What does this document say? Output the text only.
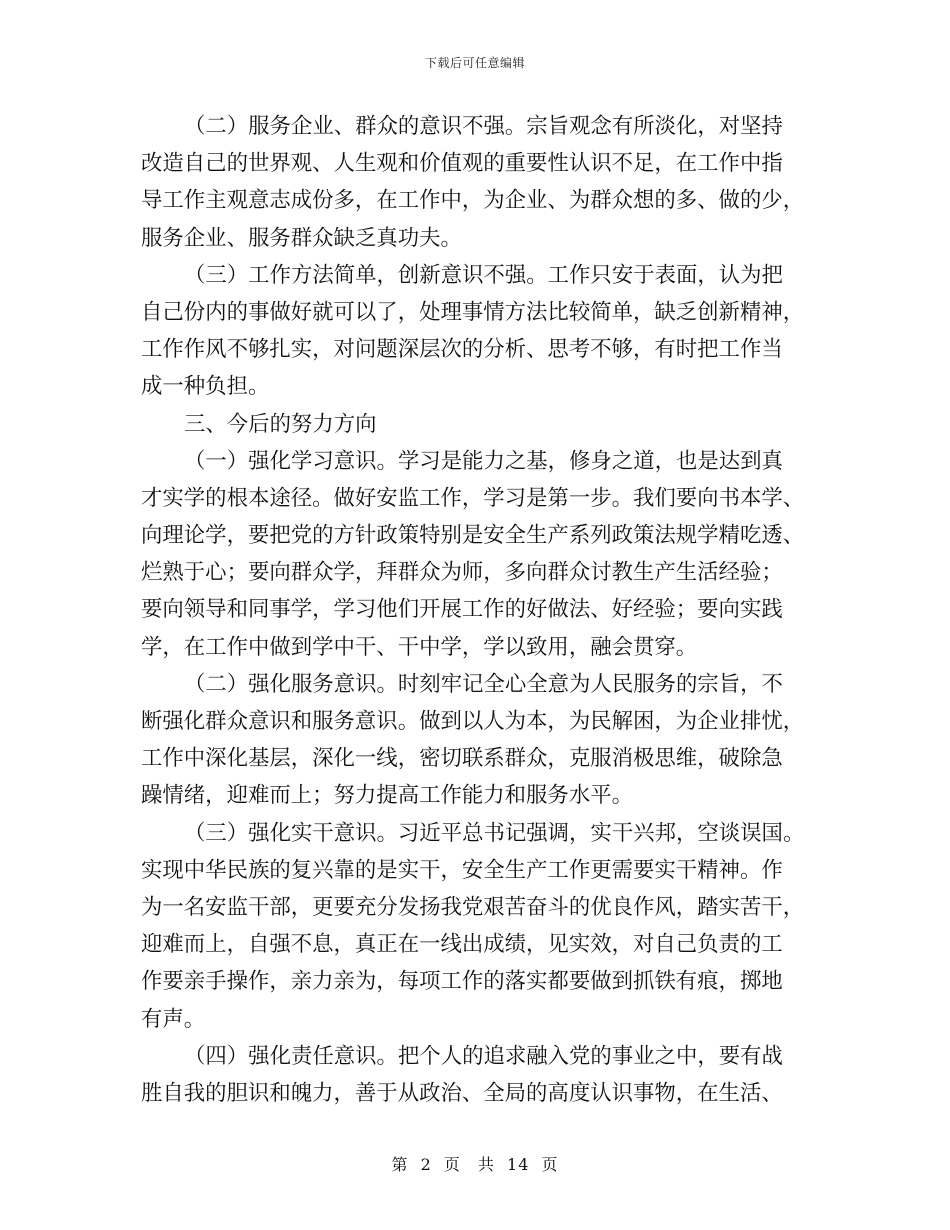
下载后可任意编辑
（二）服务企业、群众的意识不强。宗旨观念有所淡化，对坚持
改造自己的世界观、人生观和价值观的重要性认识不足，在工作中指
导工作主观意志成份多，在工作中，为企业、为群众想的多、做的少，
服务企业、服务群众缺乏真功夫。
（三）工作方法简单，创新意识不强。工作只安于表面，认为把
自己份内的事做好就可以了，处理事情方法比较简单，缺乏创新精神，
工作作风不够扎实，对问题深层次的分析、思考不够，有时把工作当
成一种负担。
三、今后的努力方向
（一）强化学习意识。学习是能力之基，修身之道，也是达到真
才实学的根本途径。做好安监工作，学习是第一步。我们要向书本学、
向理论学，要把党的方针政策特别是安全生产系列政策法规学精吃透、
烂熟于心；要向群众学，拜群众为师，多向群众讨教生产生活经验；
要向领导和同事学，学习他们开展工作的好做法、好经验；要向实践
学，在工作中做到学中干、干中学，学以致用，融会贯穿。
（二）强化服务意识。时刻牢记全心全意为人民服务的宗旨，不
断强化群众意识和服务意识。做到以人为本，为民解困，为企业排忧，
工作中深化基层，深化一线，密切联系群众，克服消极思维，破除急
躁情绪，迎难而上；努力提高工作能力和服务水平。
（三）强化实干意识。习近平总书记强调，实干兴邦，空谈误国。
实现中华民族的复兴靠的是实干，安全生产工作更需要实干精神。作
为一名安监干部，更要充分发扬我党艰苦奋斗的优良作风，踏实苦干，
迎难而上，自强不息，真正在一线出成绩，见实效，对自己负责的工
作要亲手操作，亲力亲为，每项工作的落实都要做到抓铁有痕，掷地
有声。
（四）强化责任意识。把个人的追求融入党的事业之中，要有战
胜自我的胆识和魄力，善于从政治、全局的高度认识事物，在生活、
第 2 页　共 14 页
